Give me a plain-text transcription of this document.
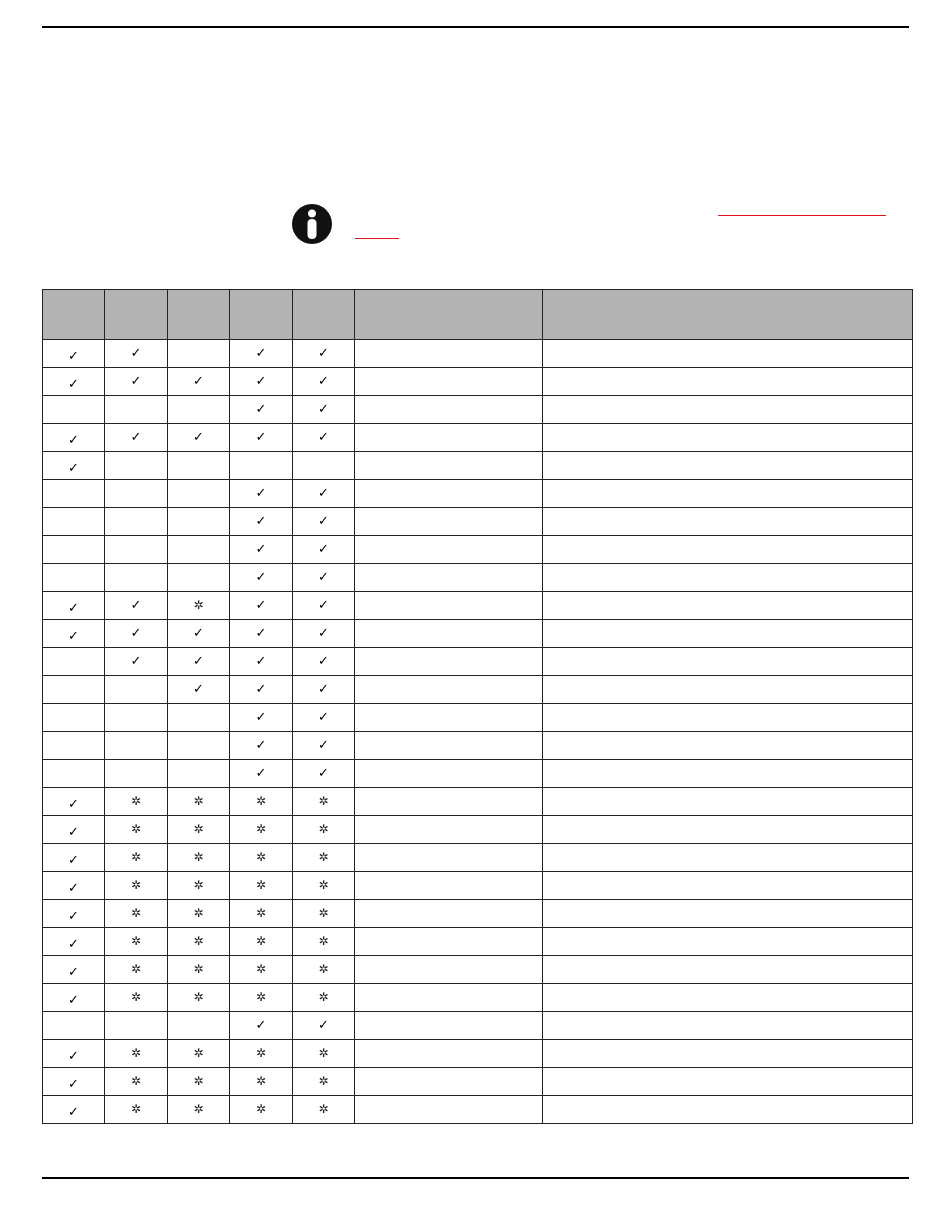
✓	✓		✓	✓		
✓	✓	✓	✓	✓		
			✓	✓		
✓	✓	✓	✓	✓		
✓						
			✓	✓		
			✓	✓		
			✓	✓		
			✓	✓		
✓	✓	✲	✓	✓		
✓	✓	✓	✓	✓		
	✓	✓	✓	✓		
		✓	✓	✓		
			✓	✓		
			✓	✓		
			✓	✓		
✓	✲	✲	✲	✲		
✓	✲	✲	✲	✲		
✓	✲	✲	✲	✲		
✓	✲	✲	✲	✲		
✓	✲	✲	✲	✲		
✓	✲	✲	✲	✲		
✓	✲	✲	✲	✲		
✓	✲	✲	✲	✲		
			✓	✓		
✓	✲	✲	✲	✲		
✓	✲	✲	✲	✲		
✓	✲	✲	✲	✲		
